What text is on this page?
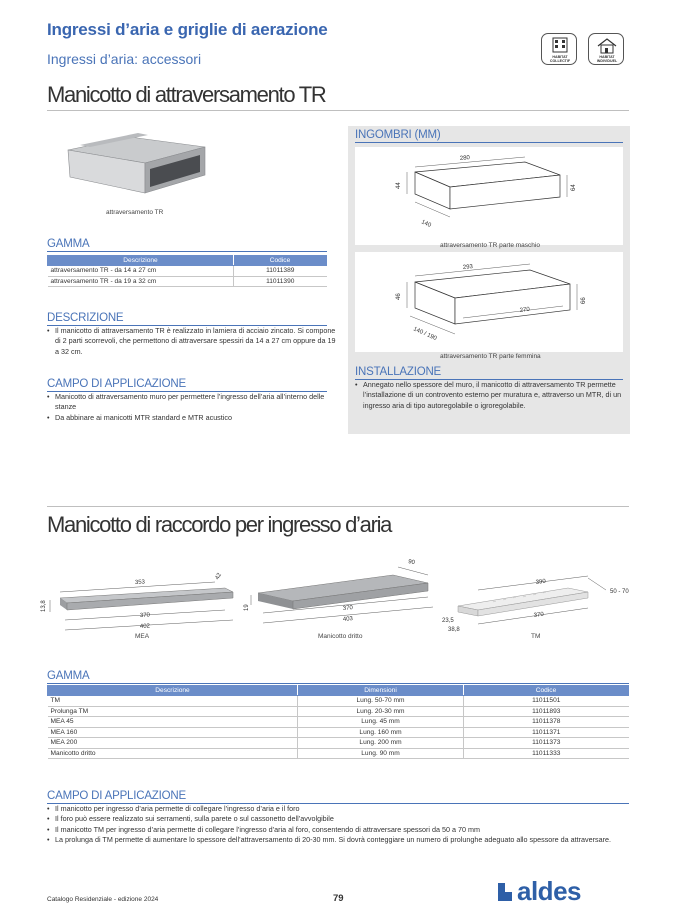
Ingressi d’aria e griglie di aerazione
Ingressi d’aria: accessori	HABITAT COLLECTIF
HABITAT INDIVIDUEL
Manicotto di attraversamento TR
attraversamento TR
GAMMA
Descrizione	Codice
attraversamento TR - da 14 a 27 cm	11011389
attraversamento TR - da 19 a 32 cm	11011390
DESCRIZIONE
• Il manicotto di attraversamento TR è realizzato in lamiera di acciaio zincato. Si compone di 2 parti scorrevoli, che permettono di attraversare spessiri da 14 a 27 cm oppure da 19 a 32 cm.
CAMPO DI APPLICAZIONE
• Manicotto di attraversamento muro per permettere l’ingresso dell’aria all’interno delle stanze
• Da abbinare ai manicotti MTR standard e MTR acustico
INGOMBRI (MM)
280
44	64
140
attraversamento TR parte maschio
293
46
66
270
140 / 190
attraversamento TR parte femmina
INSTALLAZIONE
• Annegato nello spessore del muro, il manicotto di attraversamento TR permette l’installazione di un controvento esterno per muratura e, attraverso un MTR, di un ingresso aria di tipo autoregolabile o igroregolabile.
Manicotto di raccordo per ingresso d’aria
353
42
13,8
370
402
MEA
90
19	370
403
Manicotto dritto
390
50 - 70
23,5
38,8
370
TM
GAMMA
Descrizione	Dimensioni	Codice
TM	Lung. 50-70 mm	11011501
Prolunga TM	Lung. 20-30 mm	11011893
MEA 45	Lung. 45 mm	11011378
MEA 160	Lung. 160 mm	11011371
MEA 200	Lung. 200 mm	11011373
Manicotto dritto	Lung. 90 mm	11011333
CAMPO DI APPLICAZIONE
• Il manicotto per ingresso d’aria permette di collegare l’ingresso d’aria e il foro
• Il foro può essere realizzato sui serramenti, sulla parete o sul cassonetto dell’avvolgibile
• Il manicotto TM per ingresso d’aria permette di collegare l’ingresso d’aria al foro, consentendo di attraversare spessori da 50 a 70 mm
• La prolunga di TM permette di aumentare lo spessore dell’attraversamento di 20-30 mm. Si dovrà conteggiare un numero di prolunghe adeguato allo spessore da attraversare.
Catalogo Residenziale - edizione 2024	79	aldes
